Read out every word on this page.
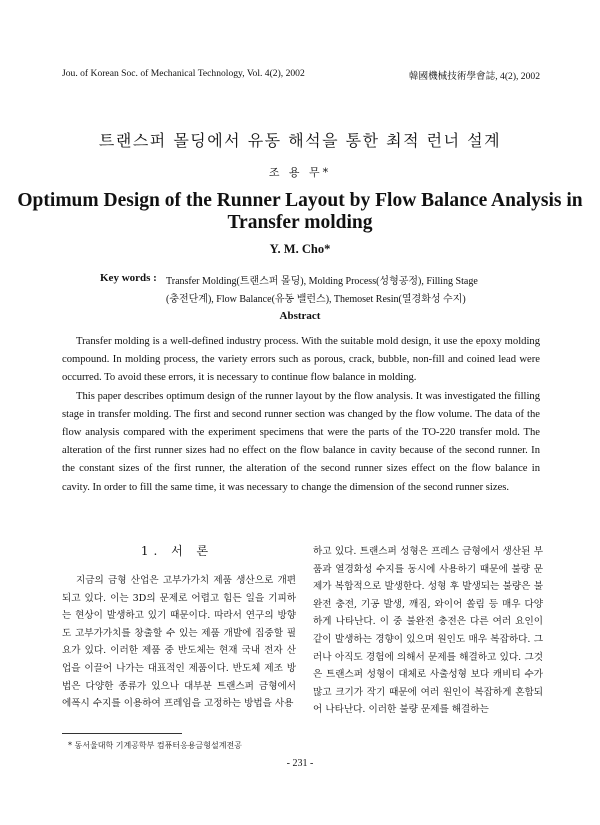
Jou. of Korean Soc. of Mechanical Technology, Vol. 4(2), 2002	韓國機械技術學會誌, 4(2), 2002
트랜스퍼 몰딩에서 유동 해석을 통한 최적 런너 설계
조 용 무*
Optimum Design of the Runner Layout by Flow Balance Analysis in Transfer molding
Y. M. Cho*
Key words : Transfer Molding(트랜스퍼 몰딩), Molding Process(성형공정), Filling Stage
(충전단계), Flow Balance(유동 밸런스), Themoset Resin(열경화성 수지)
Abstract

Transfer molding is a well-defined industry process. With the suitable mold design, it use the epoxy molding compound. In molding process, the variety errors such as porous, crack, bubble, non-fill and coined lead were occurred. To avoid these errors, it is necessary to continue flow balance in molding.

This paper describes optimum design of the runner layout by the flow analysis. It was investigated the filling stage in transfer molding. The first and second runner section was changed by the flow volume. The data of the flow analysis compared with the experiment specimens that were the parts of the TO-220 transfer mold. The alteration of the first runner sizes had no effect on the flow balance in cavity because of the second runner. In the constant sizes of the first runner, the alteration of the second runner sizes effect on the flow balance in cavity. In order to fill the same time, it was necessary to change the dimension of the second runner sizes.

1. 서 론

지금의 금형 산업은 고부가가치 제품 생산으로 개편되고 있다. 이는 3D의 문제로 어렵고 힘든 일을 기피하는 현상이 발생하고 있기 때문이다. 따라서 연구의 방향도 고부가가치를 창출할 수 있는 제품 개발에 집중할 필요가 있다. 이러한 제품 중 반도체는 현재 국내 전자 산업을 이끌어 나가는 대표적인 제품이다. 반도체 제조 방법은 다양한 종류가 있으나 대부분 트랜스퍼 금형에서 에폭시 수지를 이용하여 프레임을 고정하는 방법을 사용

하고 있다. 트랜스퍼 성형은 프레스 금형에서 생산된 부품과 열경화성 수지를 동시에 사용하기 때문에 불량 문제가 복합적으로 발생한다. 성형 후 발생되는 불량은 불완전 충전, 기공 발생, 깨짐, 와이어 쏠림 등 매우 다양하게 나타난다. 이 중 불완전 충전은 다른 여러 요인이 같이 발생하는 경향이 있으며 원인도 매우 복잡하다. 그러나 아직도 경험에 의해서 문제를 해결하고 있다. 그것은 트랜스퍼 성형이 대체로 사출성형 보다 캐비티 수가 많고 크기가 작기 때문에 여러 원인이 복잡하게 혼합되어 나타난다. 이러한 불량 문제를 해결하는

* 동서울대학 기계공학부 컴퓨터응용금형설계전공
- 231 -
